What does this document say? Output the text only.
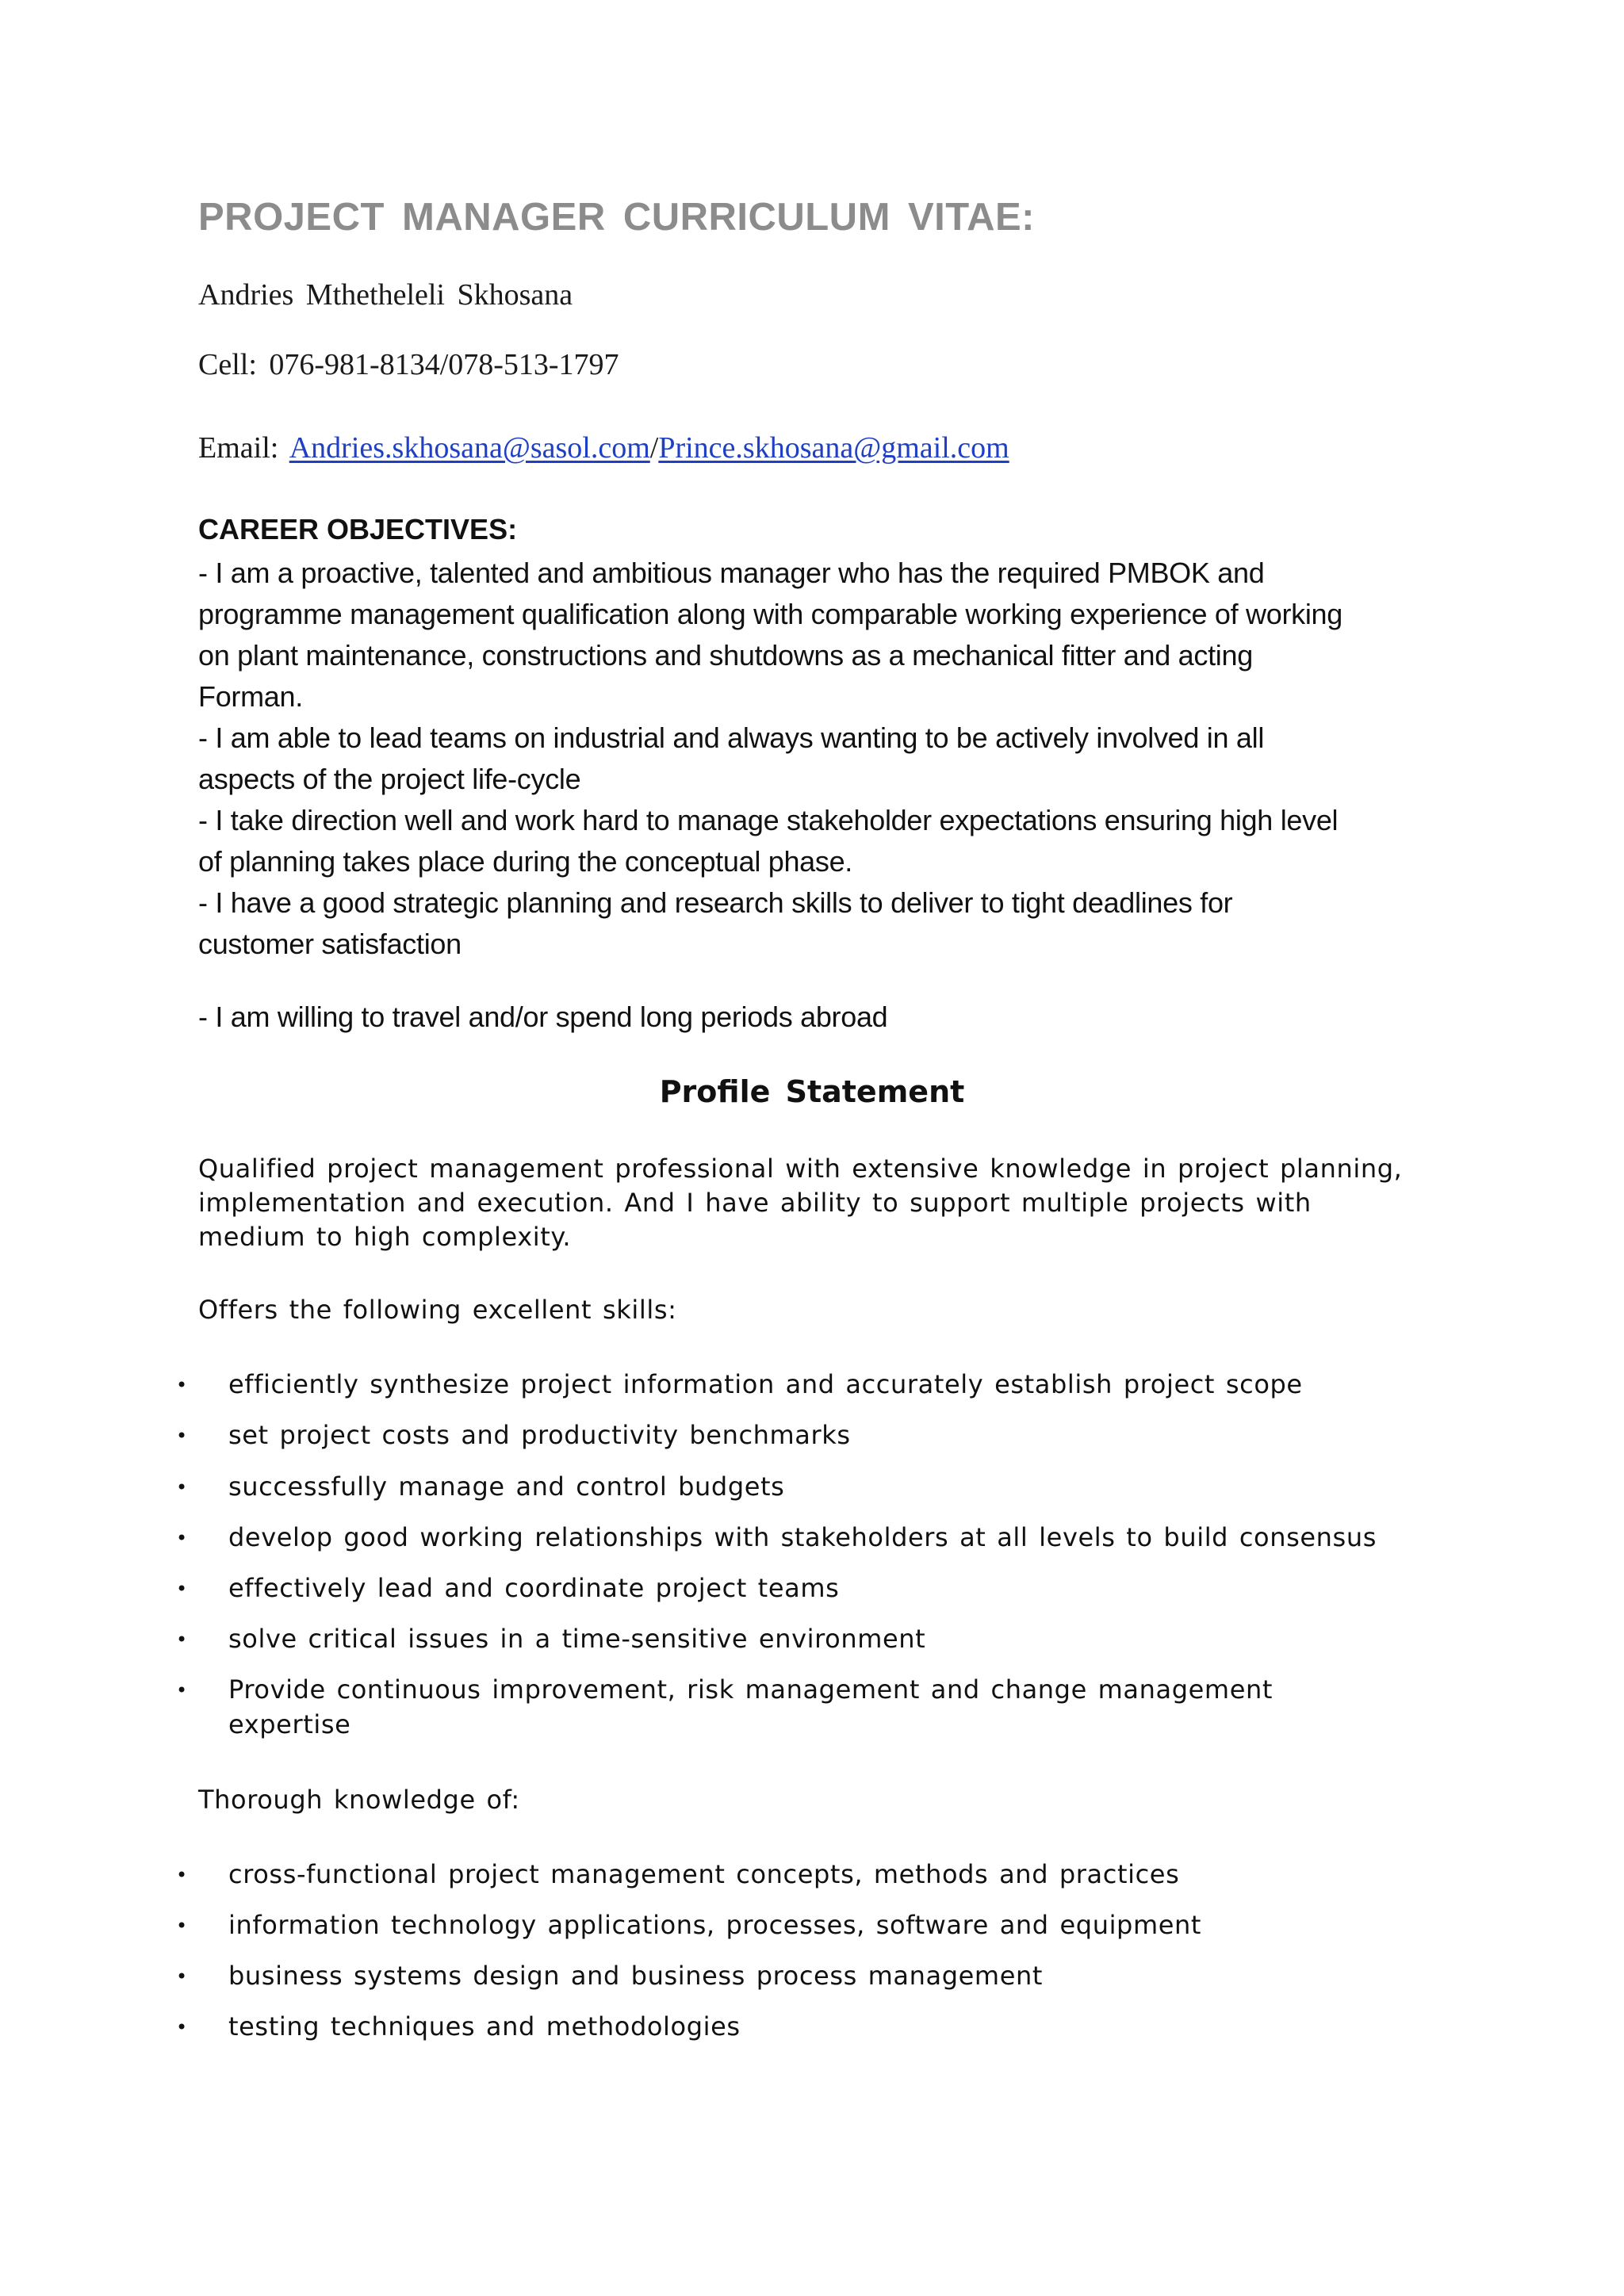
PROJECT MANAGER CURRICULUM VITAE:
Andries Mthetheleli Skhosana
Cell: 076-981-8134/078-513-1797
Email: Andries.skhosana@sasol.com/Prince.skhosana@gmail.com
CAREER OBJECTIVES:
- I am a proactive, talented and ambitious manager who has the required PMBOK and
programme management qualification along with comparable working experience of working
on plant maintenance, constructions and shutdowns as a mechanical fitter and acting
Forman.
- I am able to lead teams on industrial and always wanting to be actively involved in all
aspects of the project life-cycle
- I take direction well and work hard to manage stakeholder expectations ensuring high level
of planning takes place during the conceptual phase.
- I have a good strategic planning and research skills to deliver to tight deadlines for
customer satisfaction
- I am willing to travel and/or spend long periods abroad
Profile Statement
Qualified project management professional with extensive knowledge in project planning,
implementation and execution. And I have ability to support multiple projects with
medium to high complexity.
Offers the following excellent skills:
• efficiently synthesize project information and accurately establish project scope
• set project costs and productivity benchmarks
• successfully manage and control budgets
• develop good working relationships with stakeholders at all levels to build consensus
• effectively lead and coordinate project teams
• solve critical issues in a time-sensitive environment
• Provide continuous improvement, risk management and change management
expertise
Thorough knowledge of:
• cross-functional project management concepts, methods and practices
• information technology applications, processes, software and equipment
• business systems design and business process management
• testing techniques and methodologies
